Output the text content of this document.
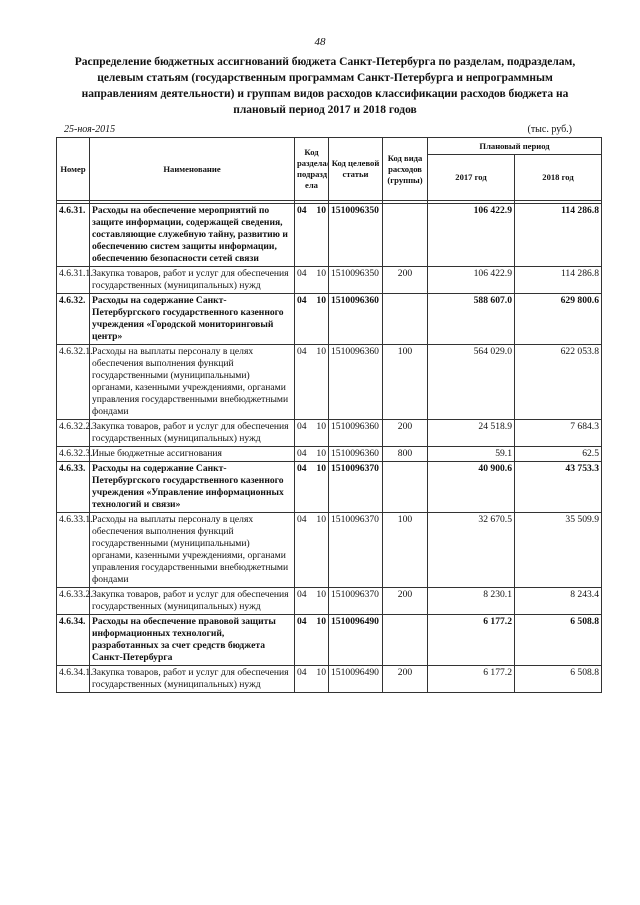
48
Распределение бюджетных ассигнований бюджета Санкт-Петербурга по разделам, подразделам, целевым статьям (государственным программам Санкт-Петербурга и непрограммным направлениям деятельности) и группам видов расходов классификации расходов бюджета на плановый период 2017 и 2018 годов
25-ноя-2015	(тыс. руб.)
Номер	Наименование	Код раздела/ подразд ела	Код целевой статьи	Код вида расходов (группы)	Плановый период	
					2017 год	2018 год

4.6.31.	Расходы на обеспечение мероприятий по защите информации, содержащей сведения, составляющие служебную тайну, развитию и обеспечению систем защиты информации, обеспечению безопасности сетей связи	04 10	1510096350		106 422.9	114 286.8
4.6.31.1.	Закупка товаров, работ и услуг для обеспечения государственных (муниципальных) нужд	04 10	1510096350	200	106 422.9	114 286.8
4.6.32.	Расходы на содержание Санкт-Петербургского государственного казенного учреждения «Городской мониторинговый центр»	04 10	1510096360		588 607.0	629 800.6
4.6.32.1.	Расходы на выплаты персоналу в целях обеспечения выполнения функций государственными (муниципальными) органами, казенными учреждениями, органами управления государственными внебюджетными фондами	04 10	1510096360	100	564 029.0	622 053.8
4.6.32.2.	Закупка товаров, работ и услуг для обеспечения государственных (муниципальных) нужд	04 10	1510096360	200	24 518.9	7 684.3
4.6.32.3.	Иные бюджетные ассигнования	04 10	1510096360	800	59.1	62.5
4.6.33.	Расходы на содержание Санкт-Петербургского государственного казенного учреждения «Управление информационных технологий и связи»	04 10	1510096370		40 900.6	43 753.3
4.6.33.1.	Расходы на выплаты персоналу в целях обеспечения выполнения функций государственными (муниципальными) органами, казенными учреждениями, органами управления государственными внебюджетными фондами	04 10	1510096370	100	32 670.5	35 509.9
4.6.33.2.	Закупка товаров, работ и услуг для обеспечения государственных (муниципальных) нужд	04 10	1510096370	200	8 230.1	8 243.4
4.6.34.	Расходы на обеспечение правовой защиты информационных технологий, разработанных за счет средств бюджета Санкт-Петербурга	04 10	1510096490		6 177.2	6 508.8
4.6.34.1.	Закупка товаров, работ и услуг для обеспечения государственных (муниципальных) нужд	04 10	1510096490	200	6 177.2	6 508.8
